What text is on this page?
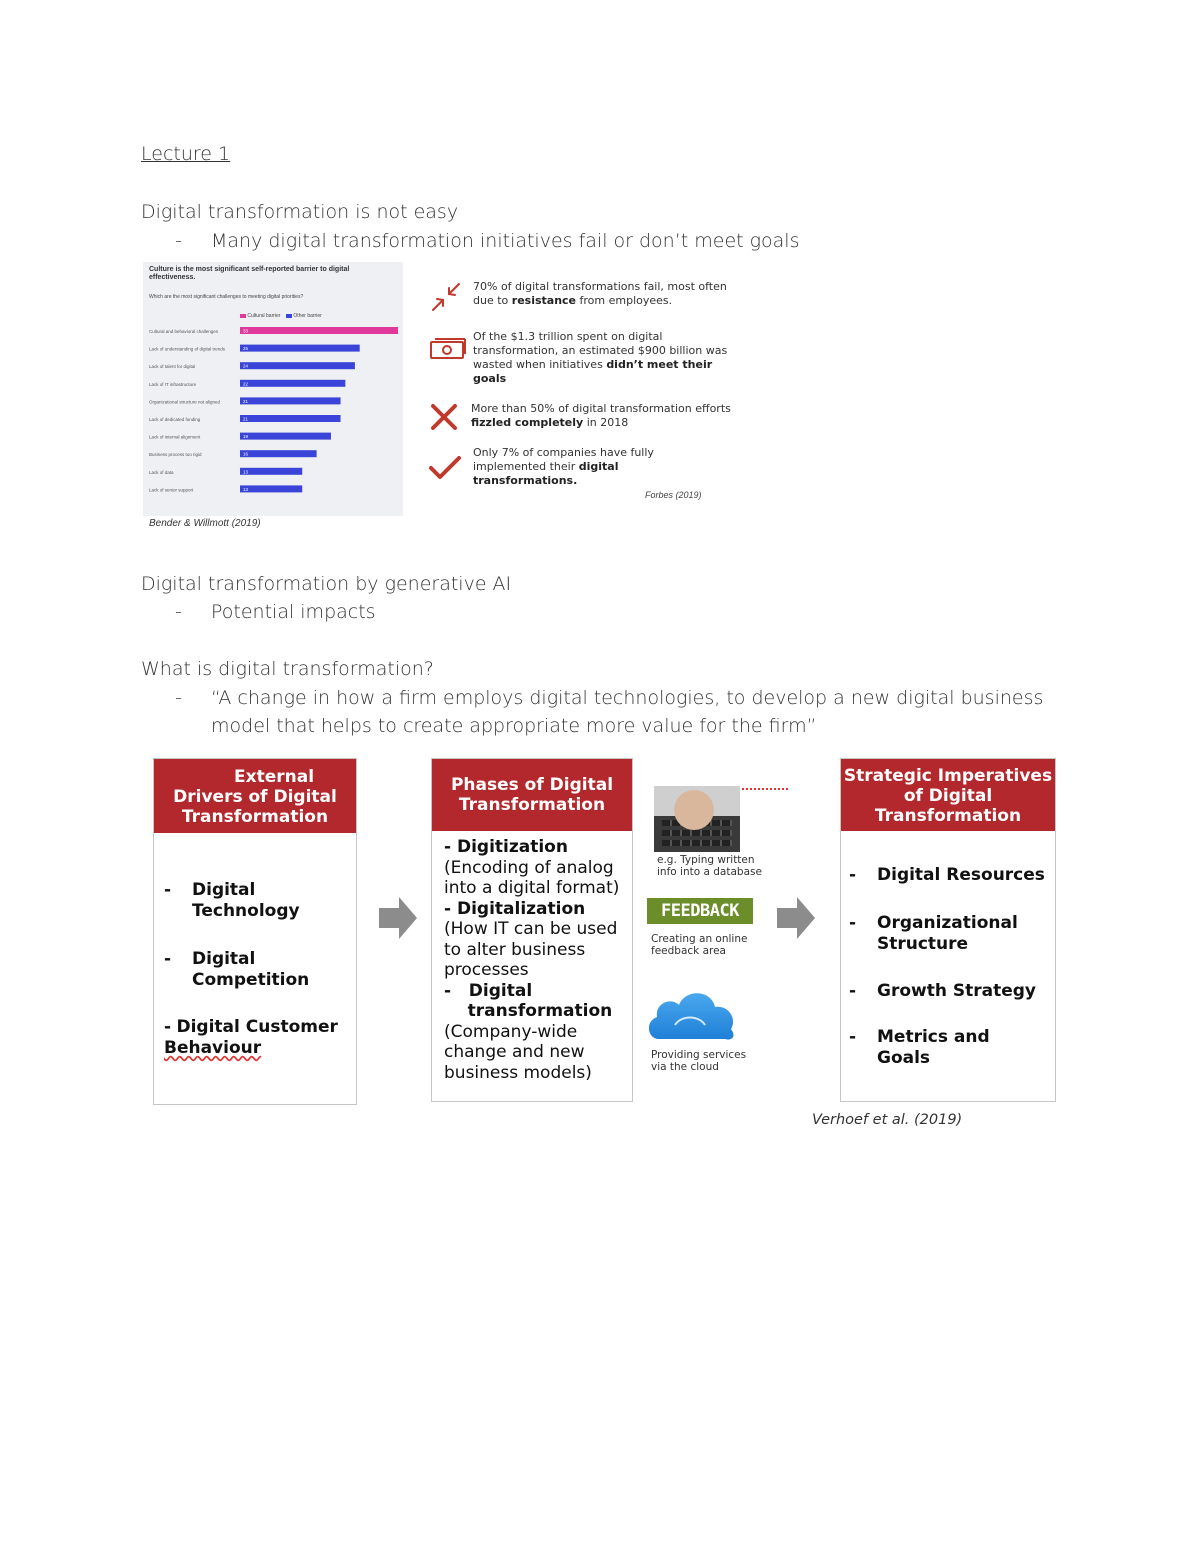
Lecture 1
Digital transformation is not easy
-	Many digital transformation initiatives fail or don’t meet goals
Culture is the most significant self-reported barrier to digital effectiveness.
Which are the most significant challenges to meeting digital priorities?
Cultural barrier	Other barrier
Cultural and behavioral challenges	33
Lack of understanding of digital trends	25
Lack of talent for digital	24
Lack of IT infrastructure	22
Organizational structure not aligned	21
Lack of dedicated funding	21
Lack of internal alignment	19
Business process too rigid	16
Lack of data	13
Lack of senior support	13
Bender & Willmott (2019)
70% of digital transformations fail, most often due to resistance from employees.
Of the $1.3 trillion spent on digital transformation, an estimated $900 billion was wasted when initiatives didn’t meet their goals
More than 50% of digital transformation efforts fizzled completely in 2018
Only 7% of companies have fully implemented their digital transformations.
Forbes (2019)
Digital transformation by generative AI
-	Potential impacts
What is digital transformation?
-	“A change in how a firm employs digital technologies, to develop a new digital business
model that helps to create appropriate more value for the firm”
External
Drivers of Digital
Transformation
-	Digital
Technology
-	Digital
Competition
- Digital Customer
Behaviour
Phases of Digital
Transformation
- Digitization
(Encoding of analog
into a digital format)
- Digitalization
(How IT can be used
to alter business
processes
-   Digital
transformation
(Company-wide
change and new
business models)
e.g. Typing written
info into a database
FEEDBACK
Creating an online
feedback area
Providing services
via the cloud
Strategic Imperatives
of Digital
Transformation
-	Digital Resources
-	Organizational
Structure
-	Growth Strategy
-	Metrics and
Goals
Verhoef et al. (2019)
